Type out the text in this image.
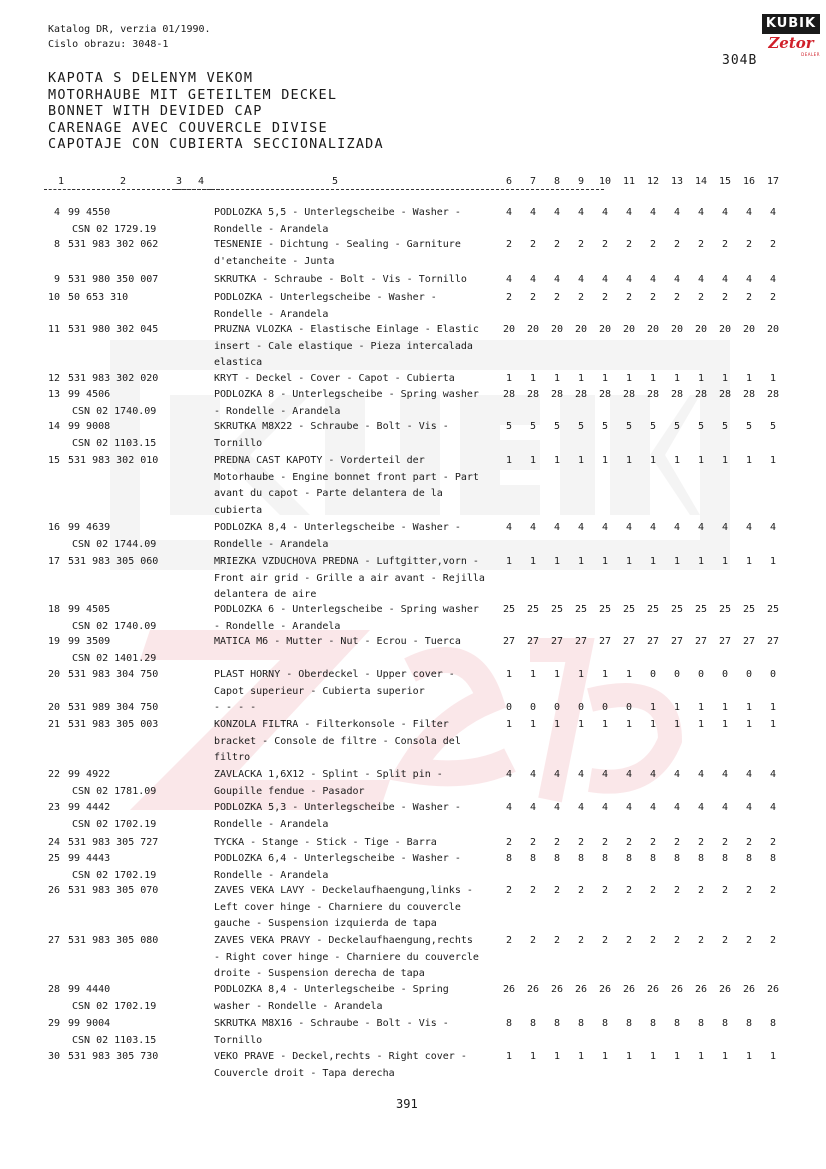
Katalog DR, verzia 01/1990.
Cislo obrazu: 3048-1
304B
KUBIK
Zetor
DEALER
KAPOTA S DELENYM VEKOM
MOTORHAUBE MIT GETEILTEM DECKEL
BONNET WITH DEVIDED CAP
CARENAGE AVEC COUVERCLE DIVISE
CAPOTAJE CON CUBIERTA SECCIONALIZADA
1	2	3	4	5	6	7	8	9	10	11	12	13	14	15	16	17
4 99 4550
CSN 02 1729.19
PODLOZKA 5,5 - Unterlegscheibe - Washer -
Rondelle - Arandela
4	4	4	4	4	4	4	4	4	4	4	4
8 531 983 302 062	TESNENIE - Dichtung - Sealing - Garniture
d'etancheite - Junta
2	2	2	2	2	2	2	2	2	2	2	2
9 531 980 350 007	SKRUTKA - Schraube - Bolt - Vis - Tornillo	4	4	4	4	4	4	4	4	4	4	4	4
10 50 653 310	PODLOZKA - Unterlegscheibe - Washer -
Rondelle - Arandela
2	2	2	2	2	2	2	2	2	2	2	2
11 531 980 302 045	PRUZNA VLOZKA - Elastische Einlage - Elastic
insert - Cale elastique - Pieza intercalada
elastica
20	20	20	20	20	20	20	20	20	20	20	20
12 531 983 302 020	KRYT - Deckel - Cover - Capot - Cubierta	1	1	1	1	1	1	1	1	1	1	1	1
13 99 4506
CSN 02 1740.09
PODLOZKA 8 - Unterlegscheibe - Spring washer
- Rondelle - Arandela
28	28	28	28	28	28	28	28	28	28	28	28
14 99 9008
CSN 02 1103.15
SKRUTKA M8X22 - Schraube - Bolt - Vis -
Tornillo
5	5	5	5	5	5	5	5	5	5	5	5
15 531 983 302 010	PREDNA CAST KAPOTY - Vorderteil der
Motorhaube - Engine bonnet front part - Part
avant du capot - Parte delantera de la
cubierta
1	1	1	1	1	1	1	1	1	1	1	1
16 99 4639
CSN 02 1744.09
PODLOZKA 8,4 - Unterlegscheibe - Washer -
Rondelle - Arandela
4	4	4	4	4	4	4	4	4	4	4	4
17 531 983 305 060	MRIEZKA VZDUCHOVA PREDNA - Luftgitter,vorn -
Front air grid - Grille a air avant - Rejilla
delantera de aire
1	1	1	1	1	1	1	1	1	1	1	1
18 99 4505
CSN 02 1740.09
PODLOZKA 6 - Unterlegscheibe - Spring washer
- Rondelle - Arandela
25	25	25	25	25	25	25	25	25	25	25	25
19 99 3509
CSN 02 1401.29
MATICA M6 - Mutter - Nut - Ecrou - Tuerca	27	27	27	27	27	27	27	27	27	27	27	27
20 531 983 304 750	PLAST HORNY - Oberdeckel - Upper cover -
Capot superieur - Cubierta superior
1	1	1	1	1	1	0	0	0	0	0	0
20 531 989 304 750	- - - -	0	0	0	0	0	0	1	1	1	1	1	1
21 531 983 305 003	KONZOLA FILTRA - Filterkonsole - Filter
bracket - Console de filtre - Consola del
filtro
1	1	1	1	1	1	1	1	1	1	1	1
22 99 4922
CSN 02 1781.09
ZAVLACKA 1,6X12 - Splint - Split pin -
Goupille fendue - Pasador
4	4	4	4	4	4	4	4	4	4	4	4
23 99 4442
CSN 02 1702.19
PODLOZKA 5,3 - Unterlegscheibe - Washer -
Rondelle - Arandela
4	4	4	4	4	4	4	4	4	4	4	4
24 531 983 305 727	TYCKA - Stange - Stick - Tige - Barra	2	2	2	2	2	2	2	2	2	2	2	2
25 99 4443
CSN 02 1702.19
PODLOZKA 6,4 - Unterlegscheibe - Washer -
Rondelle - Arandela
8	8	8	8	8	8	8	8	8	8	8	8
26 531 983 305 070	ZAVES VEKA LAVY - Deckelaufhaengung,links -
Left cover hinge - Charniere du couvercle
gauche - Suspension izquierda de tapa
2	2	2	2	2	2	2	2	2	2	2	2
27 531 983 305 080	ZAVES VEKA PRAVY - Deckelaufhaengung,rechts
- Right cover hinge - Charniere du couvercle
droite - Suspension derecha de tapa
2	2	2	2	2	2	2	2	2	2	2	2
28 99 4440
CSN 02 1702.19
PODLOZKA 8,4 - Unterlegscheibe - Spring
washer - Rondelle - Arandela
26	26	26	26	26	26	26	26	26	26	26	26
29 99 9004
CSN 02 1103.15
SKRUTKA M8X16 - Schraube - Bolt - Vis -
Tornillo
8	8	8	8	8	8	8	8	8	8	8	8
30 531 983 305 730	VEKO PRAVE - Deckel,rechts - Right cover -
Couvercle droit - Tapa derecha
1	1	1	1	1	1	1	1	1	1	1	1
391
